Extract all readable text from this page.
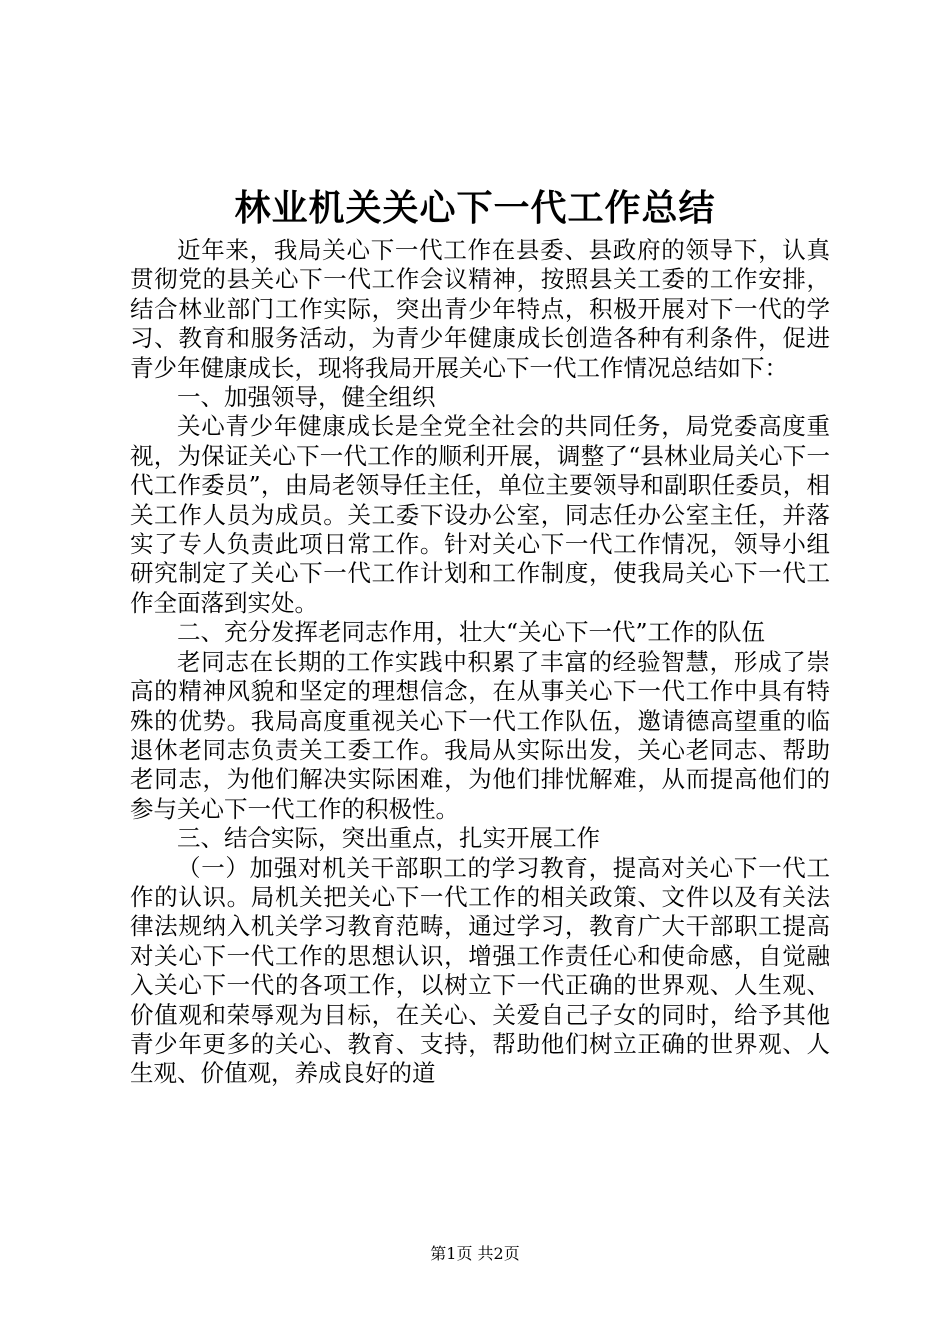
林业机关关心下一代工作总结

近年来，我局关心下一代工作在县委、县政府的领导下，认真贯彻党的县关心下一代工作会议精神，按照县关工委的工作安排，结合林业部门工作实际，突出青少年特点，积极开展对下一代的学习、教育和服务活动，为青少年健康成长创造各种有利条件，促进青少年健康成长，现将我局开展关心下一代工作情况总结如下：

一、加强领导，健全组织

关心青少年健康成长是全党全社会的共同任务，局党委高度重视，为保证关心下一代工作的顺利开展，调整了“县林业局关心下一代工作委员”，由局老领导任主任，单位主要领导和副职任委员，相关工作人员为成员。关工委下设办公室，同志任办公室主任，并落实了专人负责此项日常工作。针对关心下一代工作情况，领导小组研究制定了关心下一代工作计划和工作制度，使我局关心下一代工作全面落到实处。

二、充分发挥老同志作用，壮大“关心下一代”工作的队伍

老同志在长期的工作实践中积累了丰富的经验智慧，形成了崇高的精神风貌和坚定的理想信念，在从事关心下一代工作中具有特殊的优势。我局高度重视关心下一代工作队伍，邀请德高望重的临退休老同志负责关工委工作。我局从实际出发，关心老同志、帮助老同志，为他们解决实际困难，为他们排忧解难，从而提高他们的参与关心下一代工作的积极性。

三、结合实际，突出重点，扎实开展工作

（一）加强对机关干部职工的学习教育，提高对关心下一代工作的认识。局机关把关心下一代工作的相关政策、文件以及有关法律法规纳入机关学习教育范畴，通过学习，教育广大干部职工提高对关心下一代工作的思想认识，增强工作责任心和使命感，自觉融入关心下一代的各项工作，以树立下一代正确的世界观、人生观、价值观和荣辱观为目标，在关心、关爱自己子女的同时，给予其他青少年更多的关心、教育、支持，帮助他们树立正确的世界观、人生观、价值观，养成良好的道

第1页 共2页
